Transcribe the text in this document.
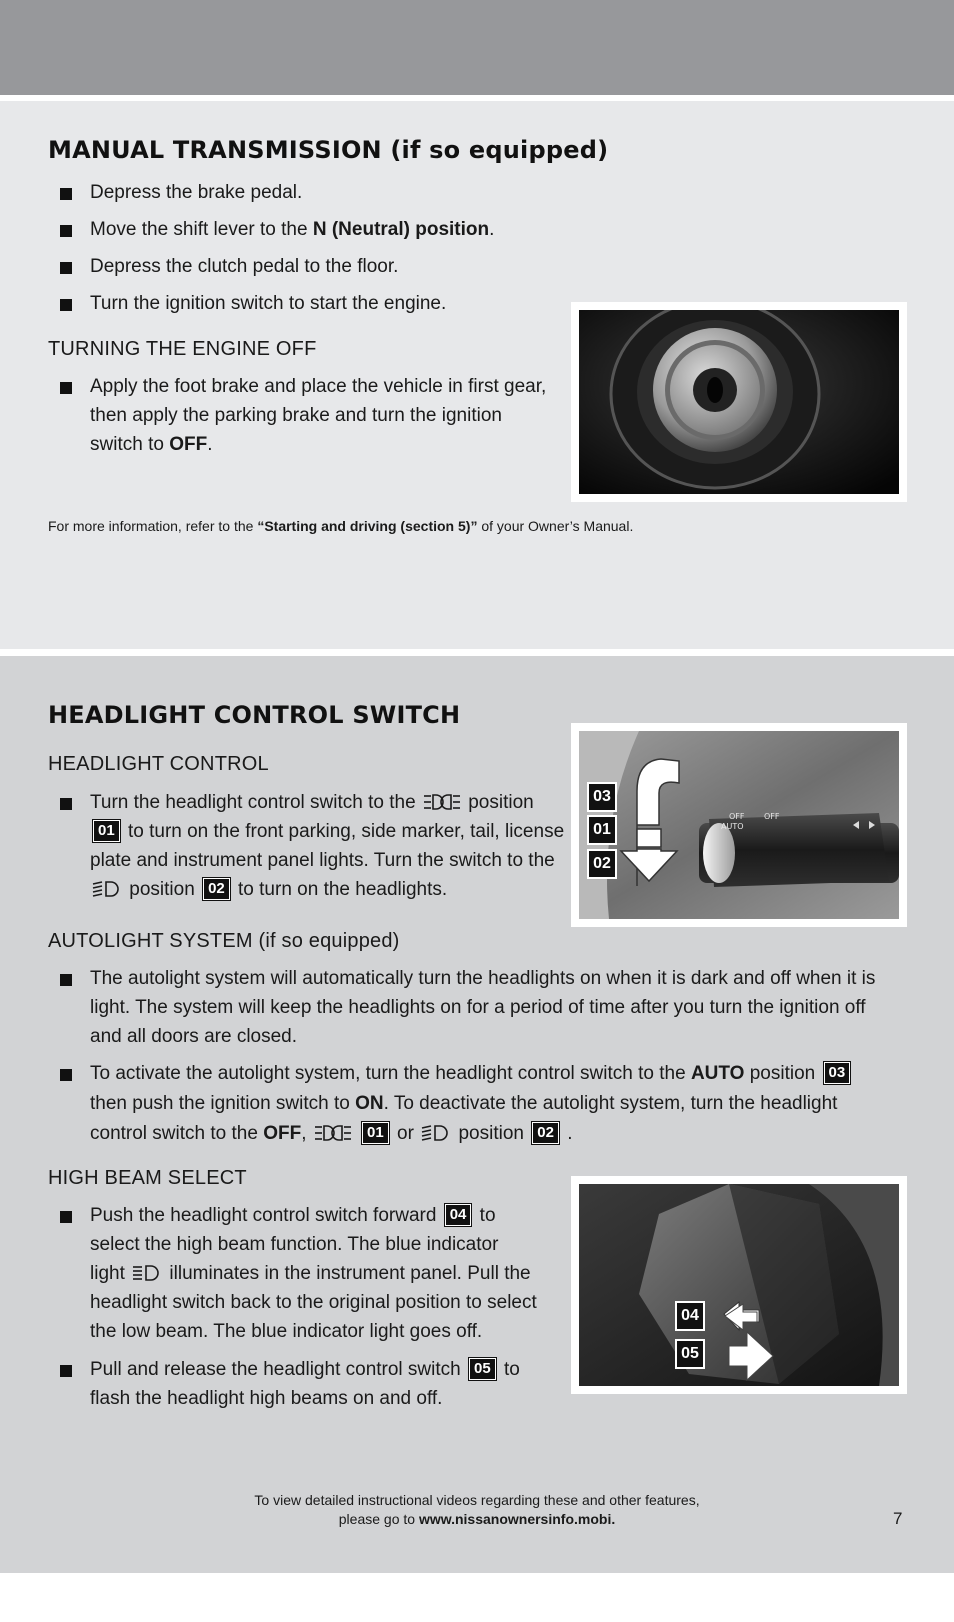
MANUAL TRANSMISSION (if so equipped)
Depress the brake pedal.
Move the shift lever to the N (Neutral) position.
Depress the clutch pedal to the floor.
Turn the ignition switch to start the engine.
TURNING THE ENGINE OFF
Apply the foot brake and place the vehicle in first gear,
then apply the parking brake and turn the ignition
switch to OFF.
For more information, refer to the “Starting and driving (section 5)” of your Owner’s Manual.
HEADLIGHT CONTROL SWITCH
HEADLIGHT CONTROL
Turn the headlight control switch to the	position
01 to turn on the front parking, side marker, tail, license
plate and instrument panel lights. Turn the switch to the
position 02 to turn on the headlights.
OFF OFF
AUTO
03
01
02
AUTOLIGHT SYSTEM (if so equipped)
The autolight system will automatically turn the headlights on when it is dark and off when it is
light. The system will keep the headlights on for a period of time after you turn the ignition off
and all doors are closed.
To activate the autolight system, turn the headlight control switch to the AUTO position 03
then push the ignition switch to ON. To deactivate the autolight system, turn the headlight
control switch to the OFF,	01 or position 02 .
HIGH BEAM SELECT
Push the headlight control switch forward 04 to
select the high beam function. The blue indicator
light illuminates in the instrument panel. Pull the
headlight switch back to the original position to select
the low beam. The blue indicator light goes off.
Pull and release the headlight control switch 05 to
flash the headlight high beams on and off.
04
05
To view detailed instructional videos regarding these and other features,
please go to www.nissanownersinfo.mobi.	7
